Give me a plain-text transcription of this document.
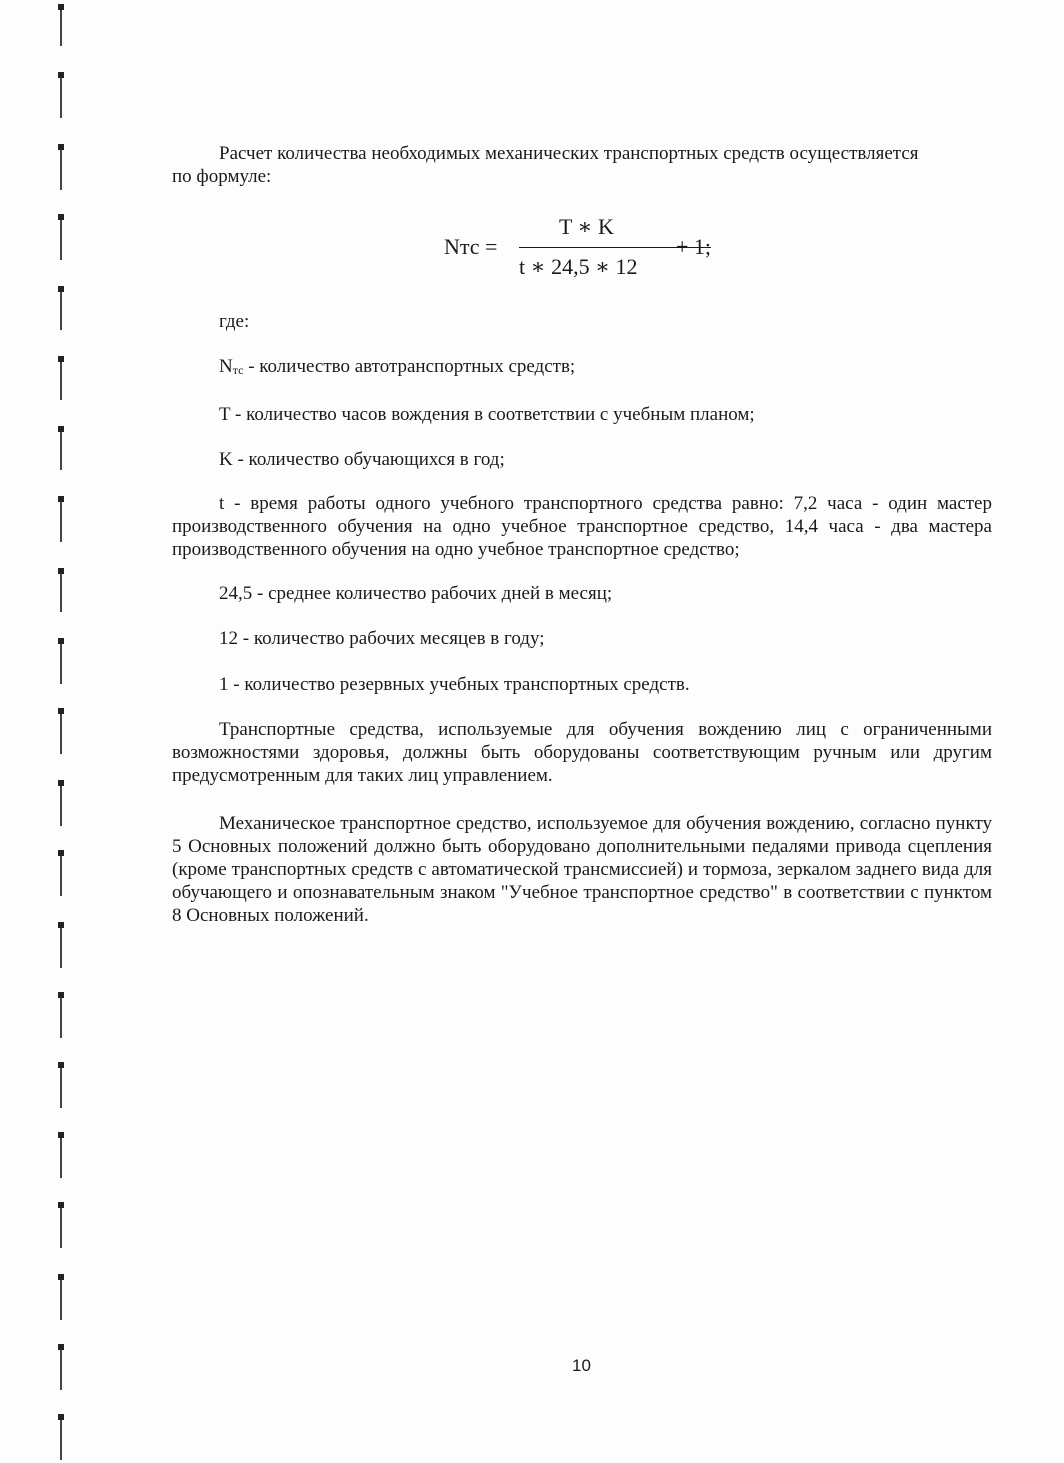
Расчет количества необходимых механических транспортных средств осуществляется

по формуле:

Nтс =
T ∗ K
t ∗ 24,5 ∗ 12
+ 1;

где:

$N_{тс}$ - количество автотранспортных средств;

T - количество часов вождения в соответствии с учебным планом;

K - количество обучающихся в год;

t - время работы одного учебного транспортного средства равно: 7,2 часа - один мастер производственного обучения на одно учебное транспортное средство, 14,4 часа - два мастера производственного обучения на одно учебное транспортное средство;

24,5 - среднее количество рабочих дней в месяц;

12 - количество рабочих месяцев в году;

1 - количество резервных учебных транспортных средств.

Транспортные средства, используемые для обучения вождению лиц с ограниченными возможностями здоровья, должны быть оборудованы соответствующим ручным или другим предусмотренным для таких лиц управлением.

Механическое транспортное средство, используемое для обучения вождению, согласно пункту 5 Основных положений должно быть оборудовано дополнительными педалями привода сцепления (кроме транспортных средств с автоматической трансмиссией) и тормоза, зеркалом заднего вида для обучающего и опознавательным знаком "Учебное транспортное средство" в соответствии с пунктом 8 Основных положений.

10
